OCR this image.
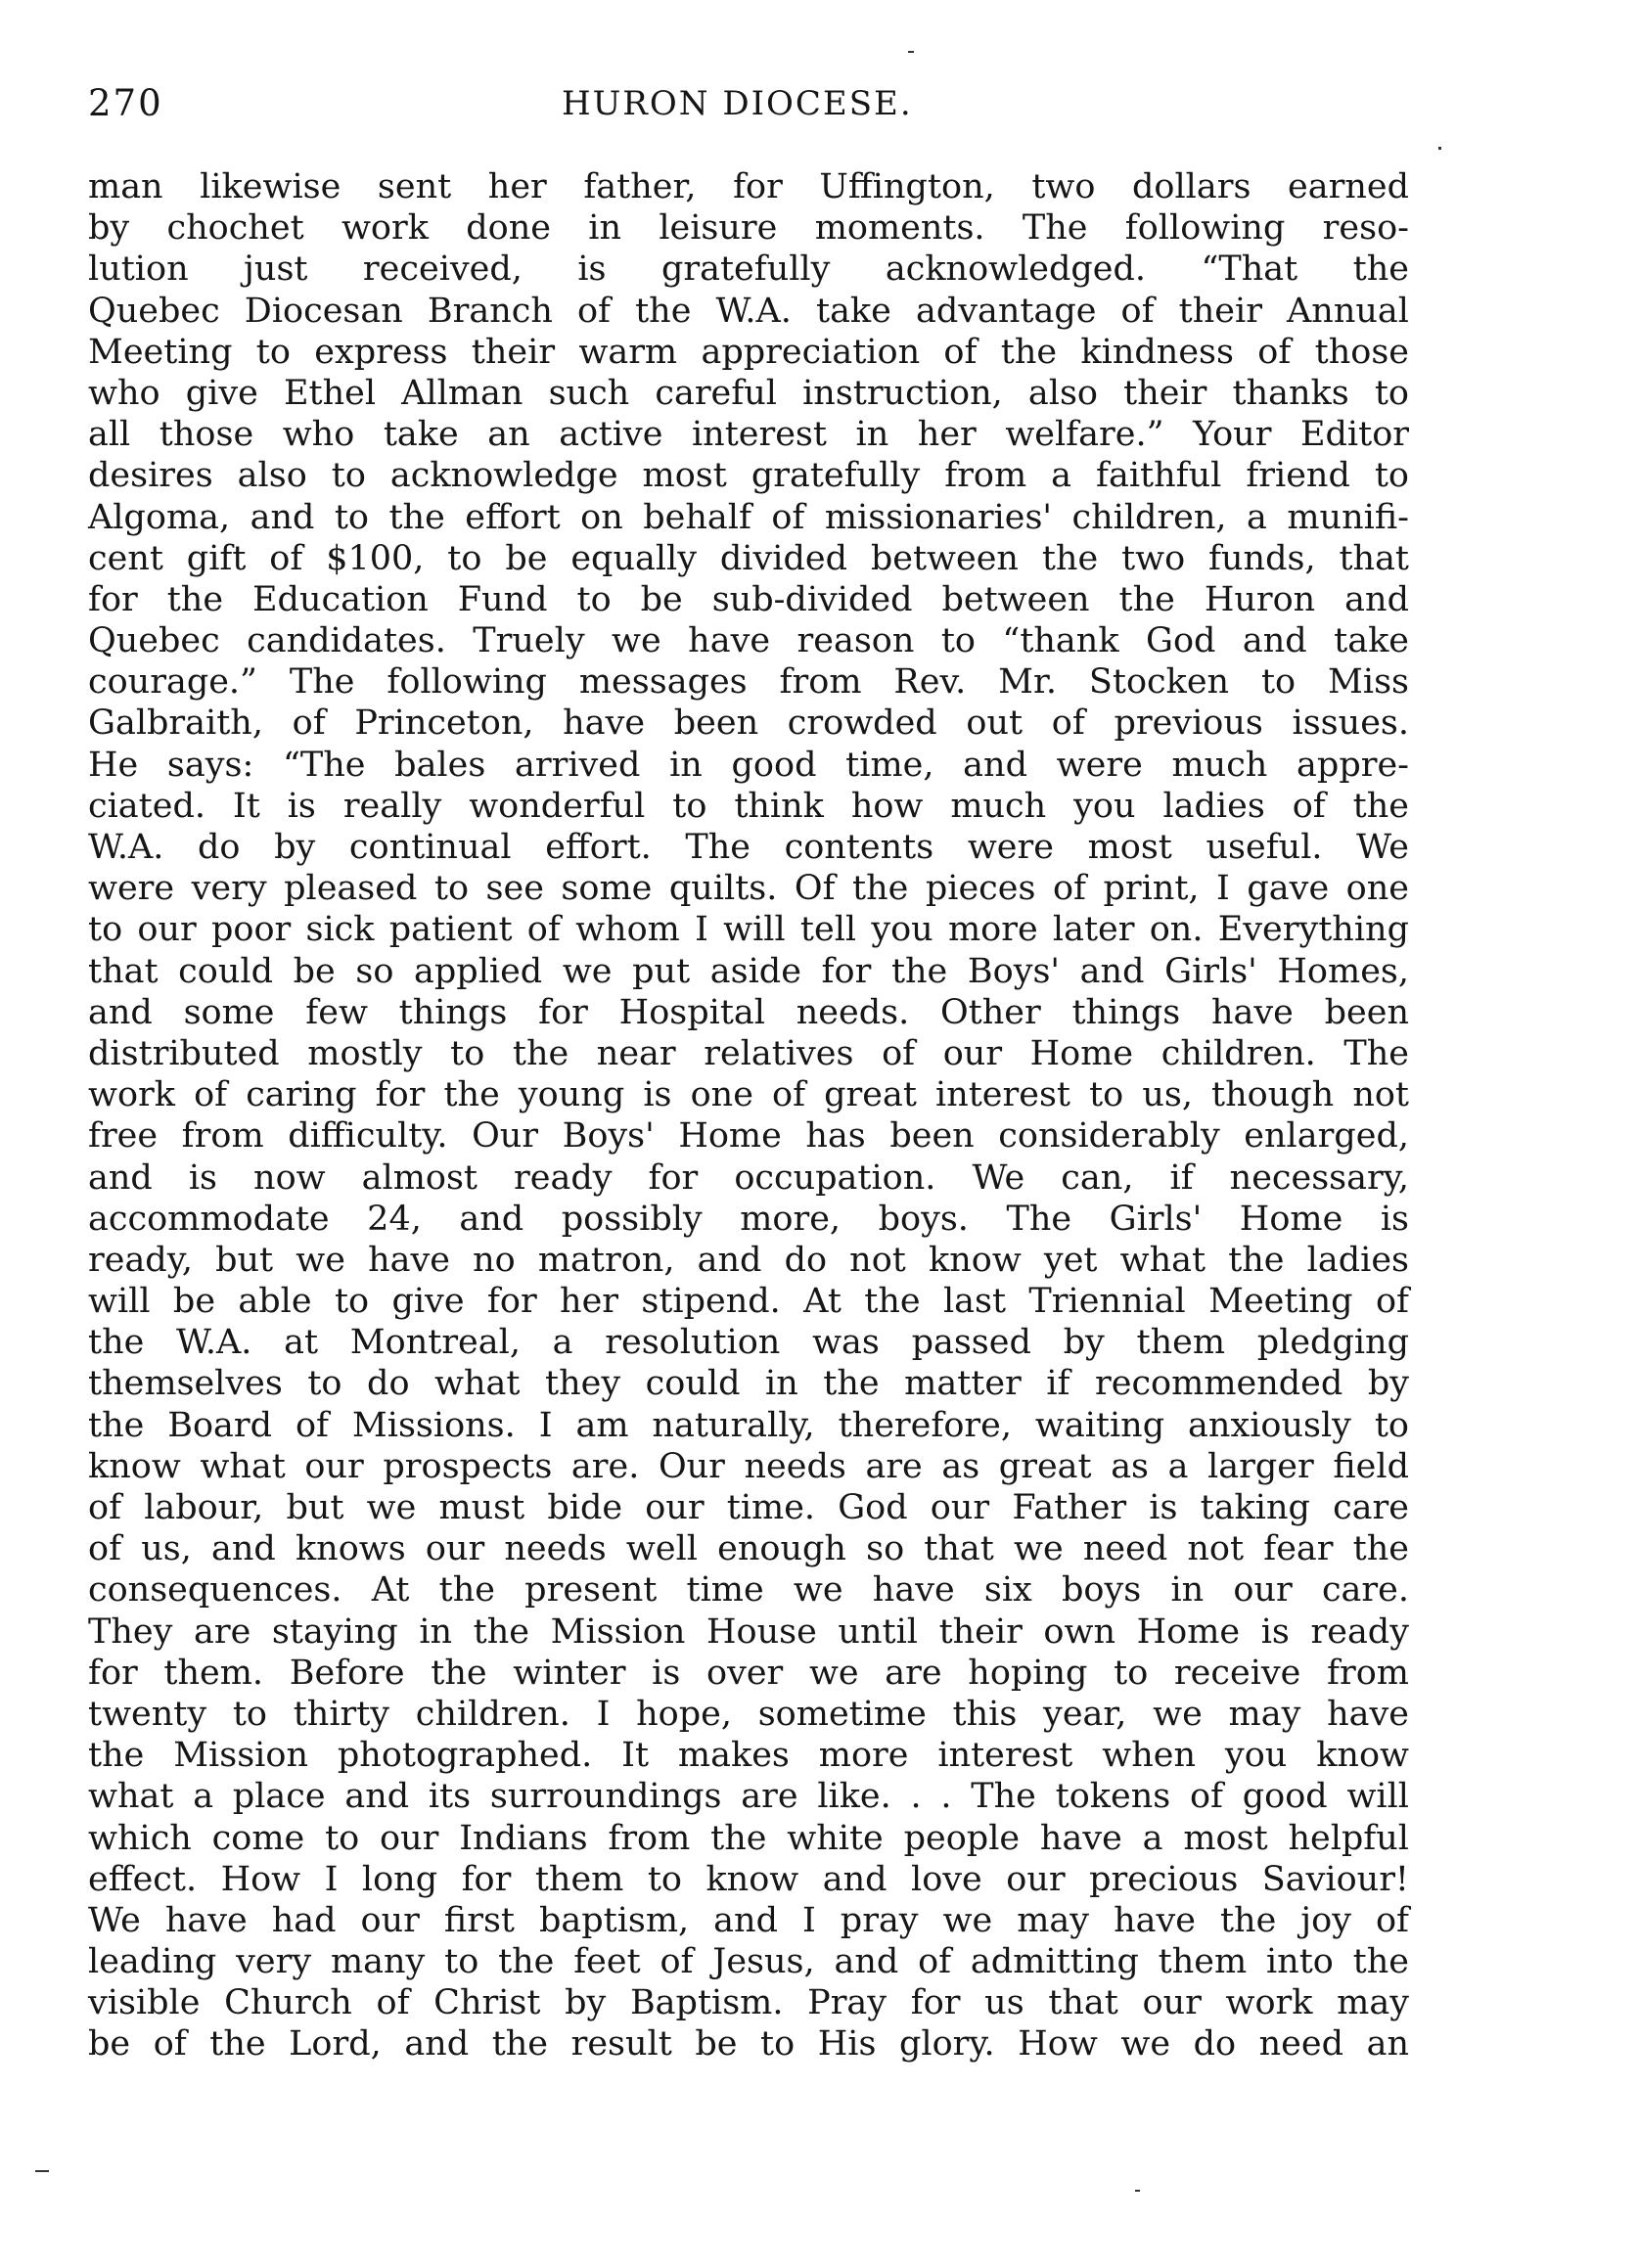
270	HURON DIOCESE.
man likewise sent her father, for Uffington, two dollars earned
by chochet work done in leisure moments. The following reso-
lution just received, is gratefully acknowledged. “That the
Quebec Diocesan Branch of the W.A. take advantage of their Annual
Meeting to express their warm appreciation of the kindness of those
who give Ethel Allman such careful instruction, also their thanks to
all those who take an active interest in her welfare.” Your Editor
desires also to acknowledge most gratefully from a faithful friend to
Algoma, and to the effort on behalf of missionaries' children, a munifi-
cent gift of $100, to be equally divided between the two funds, that
for the Education Fund to be sub-divided between the Huron and
Quebec candidates. Truely we have reason to “thank God and take
courage.” The following messages from Rev. Mr. Stocken to Miss
Galbraith, of Princeton, have been crowded out of previous issues.
He says: “The bales arrived in good time, and were much appre-
ciated. It is really wonderful to think how much you ladies of the
W.A. do by continual effort. The contents were most useful. We
were very pleased to see some quilts. Of the pieces of print, I gave one
to our poor sick patient of whom I will tell you more later on. Everything
that could be so applied we put aside for the Boys' and Girls' Homes,
and some few things for Hospital needs. Other things have been
distributed mostly to the near relatives of our Home children. The
work of caring for the young is one of great interest to us, though not
free from difficulty. Our Boys' Home has been considerably enlarged,
and is now almost ready for occupation. We can, if necessary,
accommodate 24, and possibly more, boys. The Girls' Home is
ready, but we have no matron, and do not know yet what the ladies
will be able to give for her stipend. At the last Triennial Meeting of
the W.A. at Montreal, a resolution was passed by them pledging
themselves to do what they could in the matter if recommended by
the Board of Missions. I am naturally, therefore, waiting anxiously to
know what our prospects are. Our needs are as great as a larger field
of labour, but we must bide our time. God our Father is taking care
of us, and knows our needs well enough so that we need not fear the
consequences. At the present time we have six boys in our care.
They are staying in the Mission House until their own Home is ready
for them. Before the winter is over we are hoping to receive from
twenty to thirty children. I hope, sometime this year, we may have
the Mission photographed. It makes more interest when you know
what a place and its surroundings are like. . . The tokens of good will
which come to our Indians from the white people have a most helpful
effect. How I long for them to know and love our precious Saviour!
We have had our first baptism, and I pray we may have the joy of
leading very many to the feet of Jesus, and of admitting them into the
visible Church of Christ by Baptism. Pray for us that our work may
be of the Lord, and the result be to His glory. How we do need an
